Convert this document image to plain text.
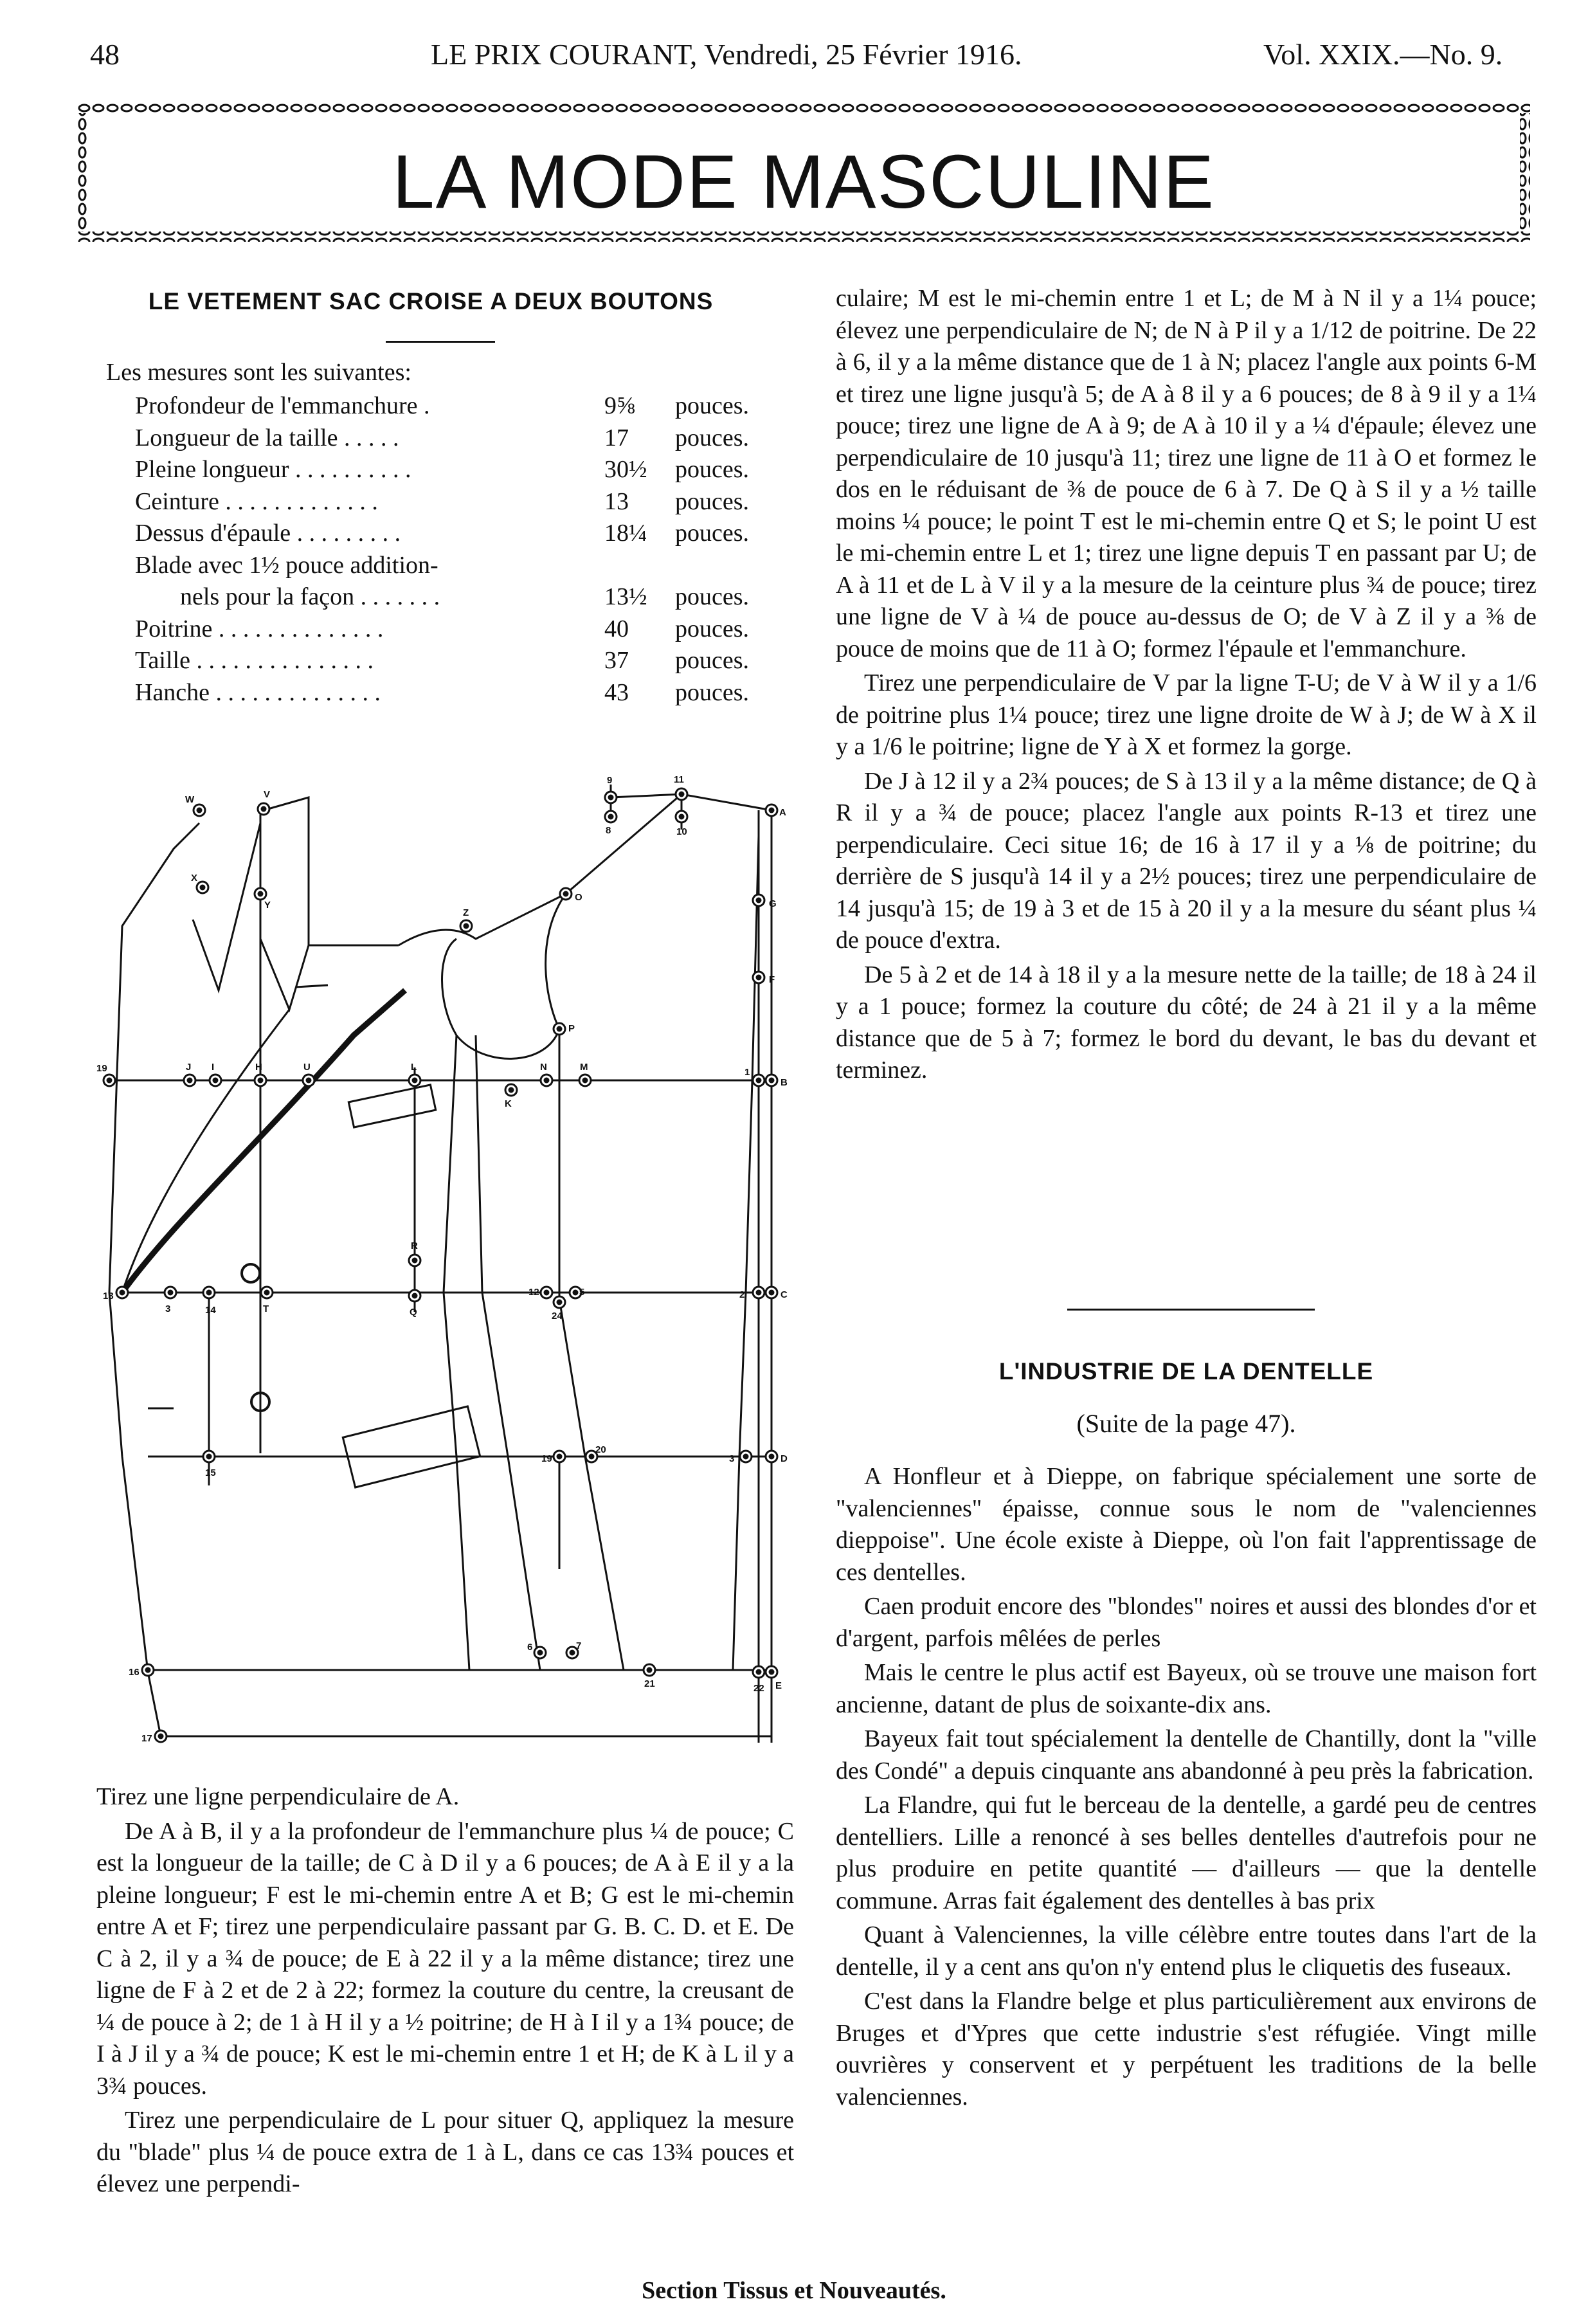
48	LE PRIX COURANT, Vendredi, 25 Février 1916.	Vol. XXIX.—No. 9.
LA MODE MASCULINE
LE VETEMENT SAC CROISE A DEUX BOUTONS
Les mesures sont les suivantes:
Profondeur de l'emmanchure .	9⅝	pouces.
Longueur de la taille . . . . .	17	pouces.
Pleine longueur . . . . . . . . . .	30½	pouces.
Ceinture . . . . . . . . . . . . .	13	pouces.
Dessus d'épaule . . . . . . . . .	18¼	pouces.
Blade avec 1½ pouce addition-		
nels pour la façon . . . . . . .	13½	pouces.
Poitrine . . . . . . . . . . . . . .	40	pouces.
Taille . . . . . . . . . . . . . . .	37	pouces.
Hanche . . . . . . . . . . . . . .	43	pouces.
W	V
X
Y
Z
O
9	11
8	10
A
G
F
P
19	J I	H	U	L	N	M
K
1
B
R
13
3	14	T	Q
12	5
24
2	C
15
19
20
3	D
16
6	7
21	22 E
17

Tirez une ligne perpendiculaire de A.

De A à B, il y a la profondeur de l'emmanchure plus ¼ de pouce; C est la longueur de la taille; de C à D il y a 6 pouces; de A à E il y a la pleine longueur; F est le mi-chemin entre A et B; G est le mi-chemin entre A et F; tirez une perpendiculaire passant par G. B. C. D. et E. De C à 2, il y a ¾ de pouce; de E à 22 il y a la même distance; tirez une ligne de F à 2 et de 2 à 22; formez la couture du centre, la creusant de ¼ de pouce à 2; de 1 à H il y a ½ poitrine; de H à I il y a 1¾ pouce; de I à J il y a ¾ de pouce; K est le mi-chemin entre 1 et H; de K à L il y a 3¾ pouces.

Tirez une perpendiculaire de L pour situer Q, appliquez la mesure du "blade" plus ¼ de pouce extra de 1 à L, dans ce cas 13¾ pouces et élevez une perpendi-

culaire; M est le mi-chemin entre 1 et L; de M à N il y a 1¼ pouce; élevez une perpendiculaire de N; de N à P il y a 1/12 de poitrine. De 22 à 6, il y a la même distance que de 1 à N; placez l'angle aux points 6-M et tirez une ligne jusqu'à 5; de A à 8 il y a 6 pouces; de 8 à 9 il y a 1¼ pouce; tirez une ligne de A à 9; de A à 10 il y a ¼ d'épaule; élevez une perpendiculaire de 10 jusqu'à 11; tirez une ligne de 11 à O et formez le dos en le réduisant de ⅜ de pouce de 6 à 7. De Q à S il y a ½ taille moins ¼ pouce; le point T est le mi-chemin entre Q et S; le point U est le mi-chemin entre L et 1; tirez une ligne depuis T en passant par U; de A à 11 et de L à V il y a la mesure de la ceinture plus ¾ de pouce; tirez une ligne de V à ¼ de pouce au-dessus de O; de V à Z il y a ⅜ de pouce de moins que de 11 à O; formez l'épaule et l'emmanchure.

Tirez une perpendiculaire de V par la ligne T-U; de V à W il y a 1/6 de poitrine plus 1¼ pouce; tirez une ligne droite de W à J; de W à X il y a 1/6 le poitrine; ligne de Y à X et formez la gorge.

De J à 12 il y a 2¾ pouces; de S à 13 il y a la même distance; de Q à R il y a ¾ de pouce; placez l'angle aux points R-13 et tirez une perpendiculaire. Ceci situe 16; de 16 à 17 il y a ⅛ de poitrine; du derrière de S jusqu'à 14 il y a 2½ pouces; tirez une perpendiculaire de 14 jusqu'à 15; de 19 à 3 et de 15 à 20 il y a la mesure du séant plus ¼ de pouce d'extra.

De 5 à 2 et de 14 à 18 il y a la mesure nette de la taille; de 18 à 24 il y a 1 pouce; formez la couture du côté; de 24 à 21 il y a la même distance que de 5 à 7; formez le bord du devant, le bas du devant et terminez.

L'INDUSTRIE DE LA DENTELLE
(Suite de la page 47).

A Honfleur et à Dieppe, on fabrique spécialement une sorte de "valenciennes" épaisse, connue sous le nom de "valenciennes dieppoise". Une école existe à Dieppe, où l'on fait l'apprentissage de ces dentelles.

Caen produit encore des "blondes" noires et aussi des blondes d'or et d'argent, parfois mêlées de perles

Mais le centre le plus actif est Bayeux, où se trouve une maison fort ancienne, datant de plus de soixante-dix ans.

Bayeux fait tout spécialement la dentelle de Chantilly, dont la "ville des Condé" a depuis cinquante ans abandonné à peu près la fabrication.

La Flandre, qui fut le berceau de la dentelle, a gardé peu de centres dentelliers. Lille a renoncé à ses belles dentelles d'autrefois pour ne plus produire en petite quantité — d'ailleurs — que la dentelle commune. Arras fait également des dentelles à bas prix

Quant à Valenciennes, la ville célèbre entre toutes dans l'art de la dentelle, il y a cent ans qu'on n'y entend plus le cliquetis des fuseaux.

C'est dans la Flandre belge et plus particulièrement aux environs de Bruges et d'Ypres que cette industrie s'est réfugiée. Vingt mille ouvrières y conservent et y perpétuent les traditions de la belle valenciennes.

Section Tissus et Nouveautés.
